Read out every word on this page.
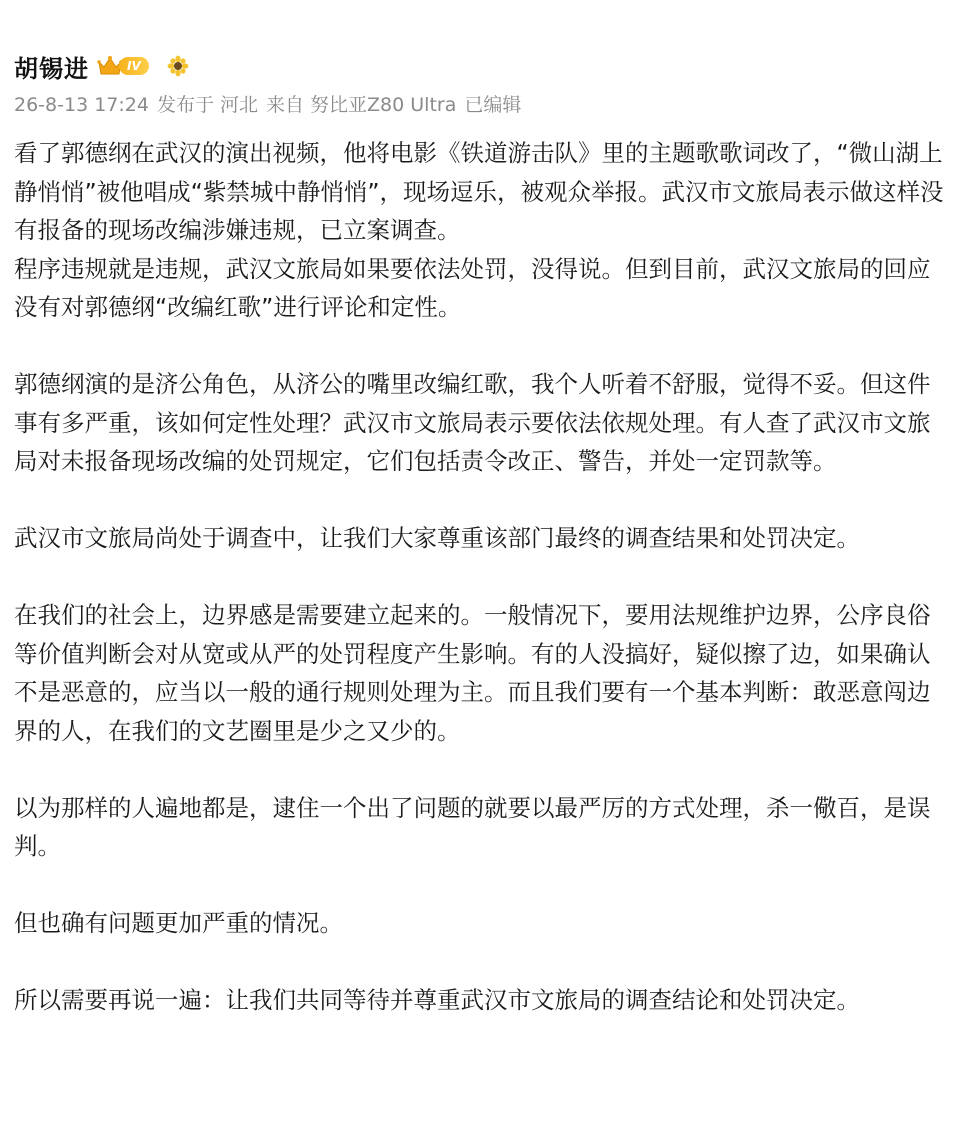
胡锡进	IV
26-8-13 17:24 发布于 河北 来自 努比亚Z80 Ultra 已编辑

看了郭德纲在武汉的演出视频，他将电影《铁道游击队》里的主题歌歌词改了，“微山湖上静悄悄”被他唱成“紫禁城中静悄悄”，现场逗乐，被观众举报。武汉市文旅局表示做这样没有报备的现场改编涉嫌违规，已立案调查。
程序违规就是违规，武汉文旅局如果要依法处罚，没得说。但到目前，武汉文旅局的回应没有对郭德纲“改编红歌”进行评论和定性。

郭德纲演的是济公角色，从济公的嘴里改编红歌，我个人听着不舒服，觉得不妥。但这件事有多严重，该如何定性处理？武汉市文旅局表示要依法依规处理。有人查了武汉市文旅局对未报备现场改编的处罚规定，它们包括责令改正、警告，并处一定罚款等。

武汉市文旅局尚处于调查中，让我们大家尊重该部门最终的调查结果和处罚决定。

在我们的社会上，边界感是需要建立起来的。一般情况下，要用法规维护边界，公序良俗等价值判断会对从宽或从严的处罚程度产生影响。有的人没搞好，疑似擦了边，如果确认不是恶意的，应当以一般的通行规则处理为主。而且我们要有一个基本判断：敢恶意闯边界的人，在我们的文艺圈里是少之又少的。

以为那样的人遍地都是，逮住一个出了问题的就要以最严厉的方式处理，杀一儆百，是误判。

但也确有问题更加严重的情况。

所以需要再说一遍：让我们共同等待并尊重武汉市文旅局的调查结论和处罚决定。
